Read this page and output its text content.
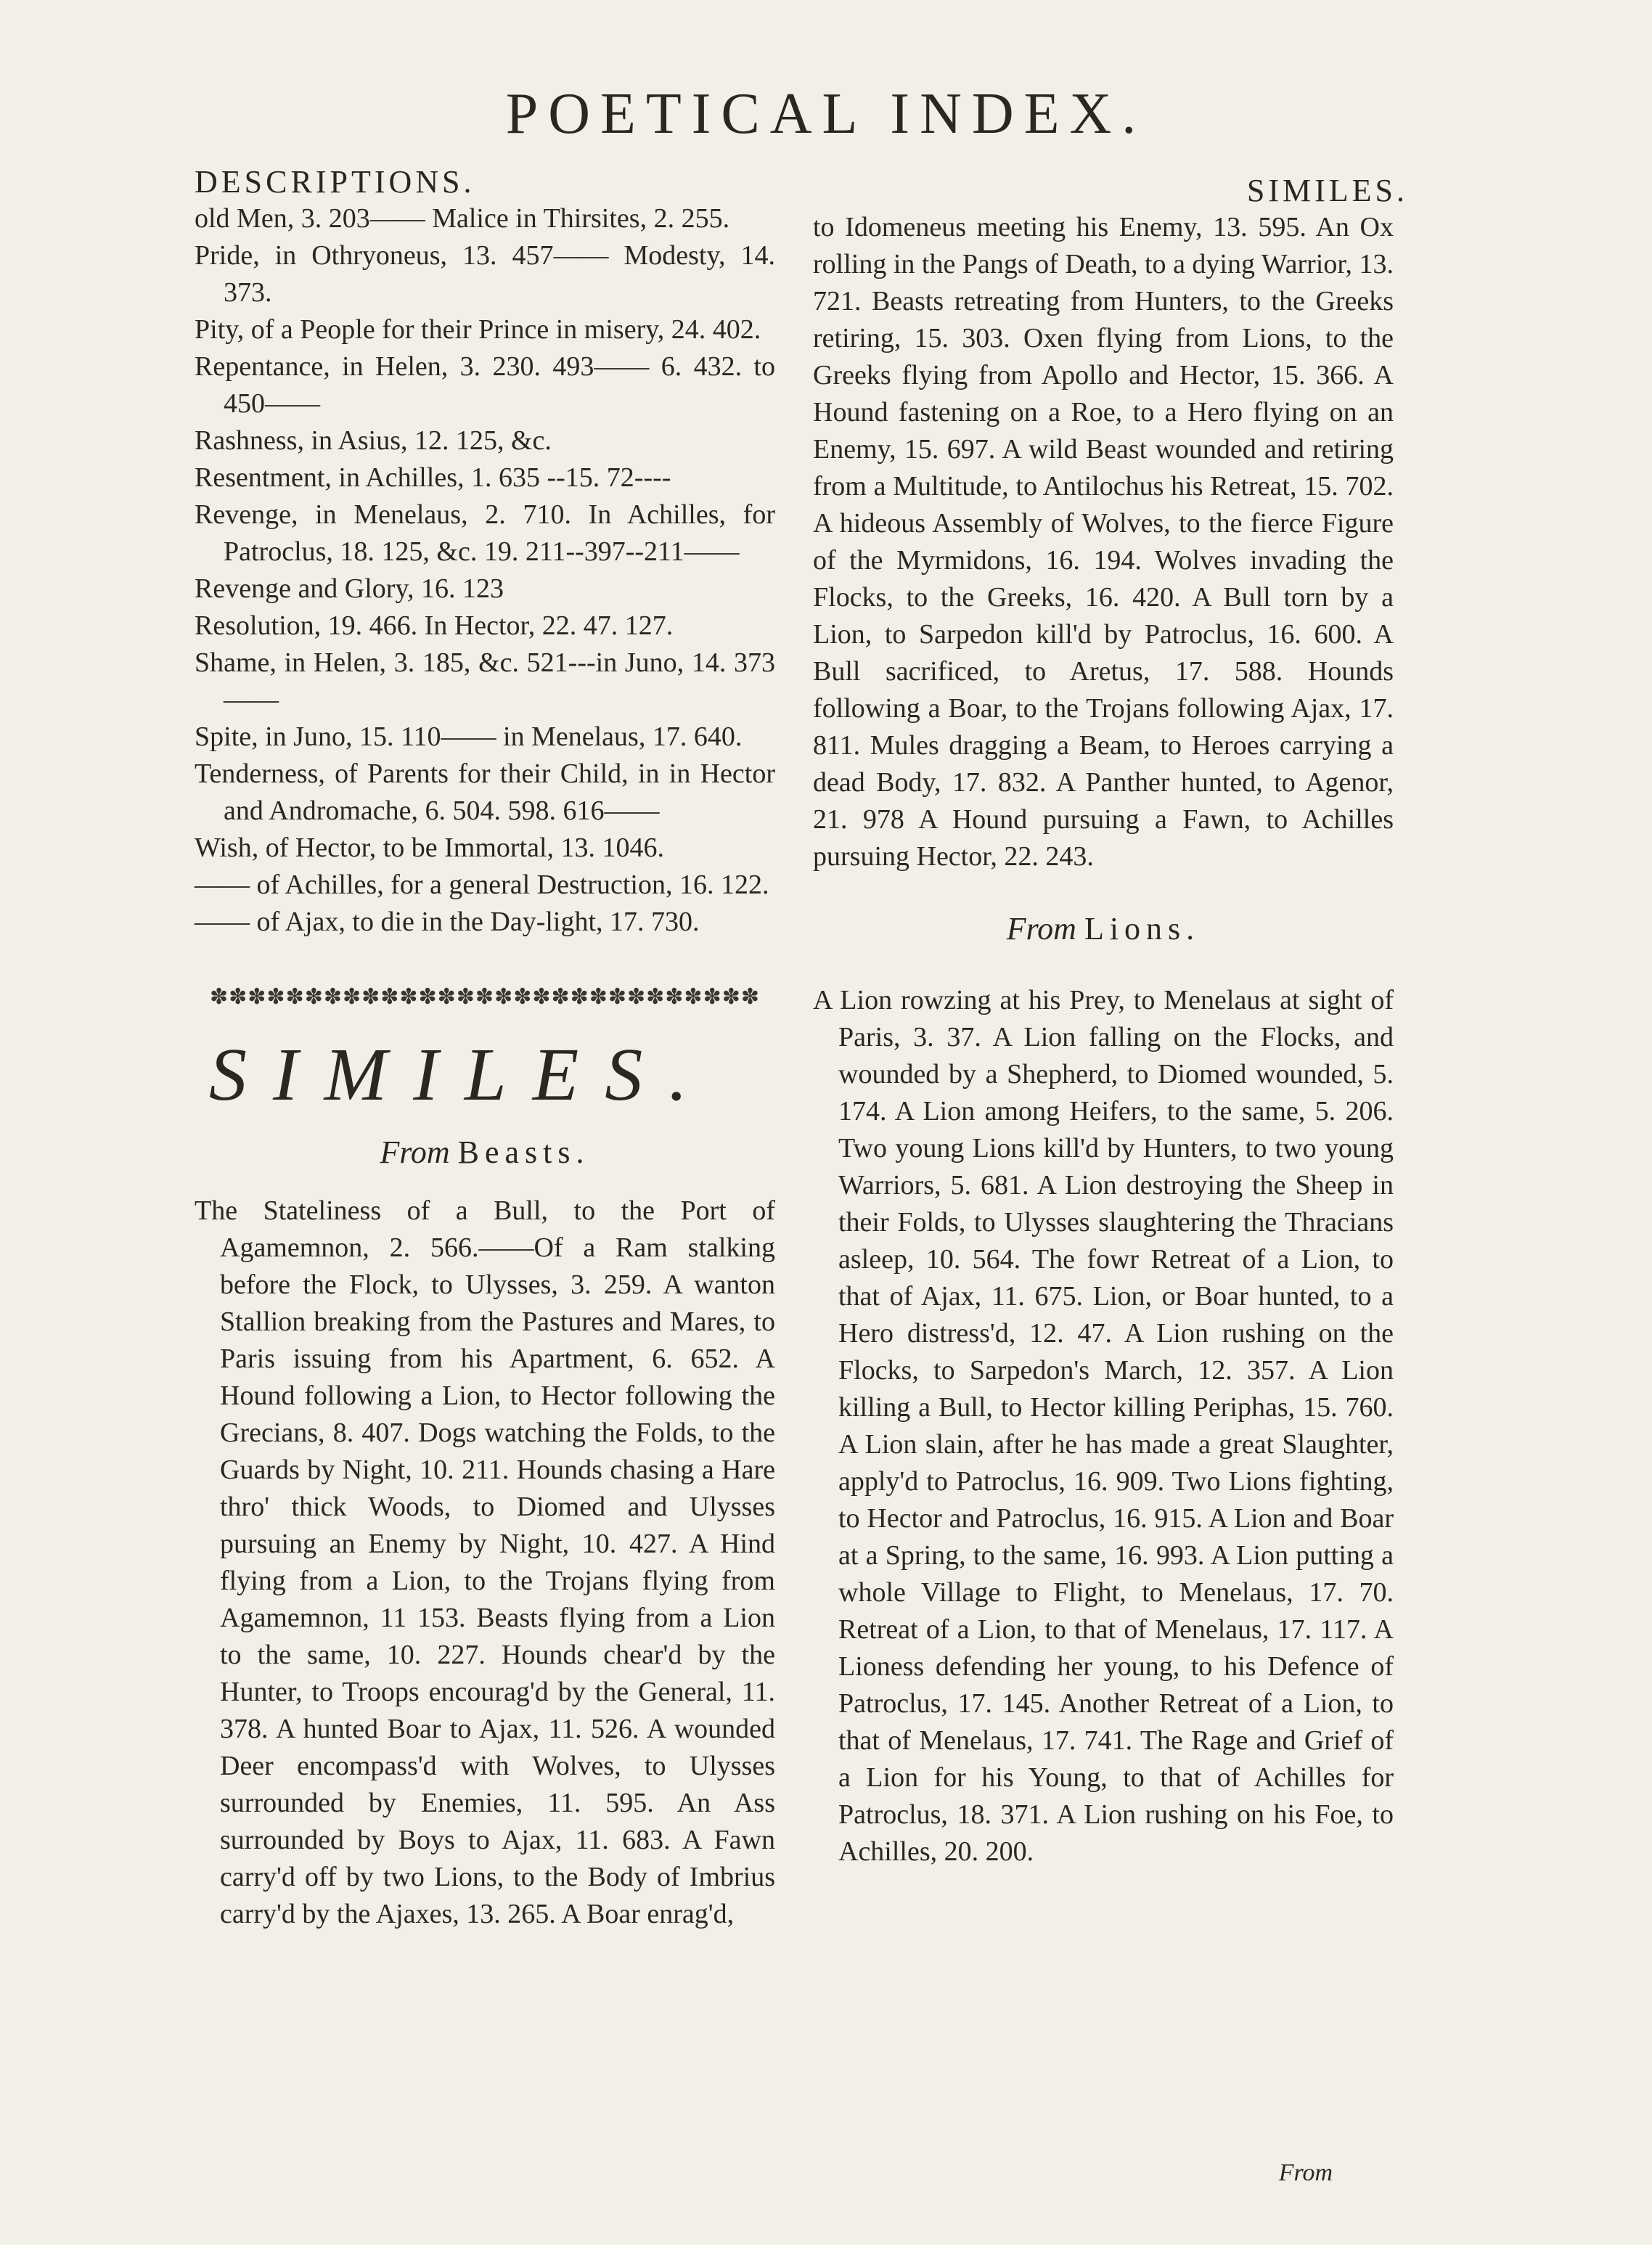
POETICAL INDEX.
DESCRIPTIONS.
old Men, 3. 203—— Malice in Thirsites, 2. 255.
Pride, in Othryoneus, 13. 457—— Modesty, 14. 373.
Pity, of a People for their Prince in misery, 24. 402.
Repentance, in Helen, 3. 230. 493—— 6. 432. to 450——
Rashness, in Asius, 12. 125, &c.
Resentment, in Achilles, 1. 635 --15. 72----
Revenge, in Menelaus, 2. 710. In Achilles, for Patroclus, 18. 125, &c. 19. 211--397--211——
Revenge and Glory, 16. 123
Resolution, 19. 466. In Hector, 22. 47. 127.
Shame, in Helen, 3. 185, &c. 521---in Juno, 14. 373——
Spite, in Juno, 15. 110—— in Menelaus, 17. 640.
Tenderness, of Parents for their Child, in in Hector and Andromache, 6. 504. 598. 616——
Wish, of Hector, to be Immortal, 13. 1046.
—— of Achilles, for a general Destruction, 16. 122.
—— of Ajax, to die in the Day-light, 17. 730.
✽✽✽✽✽✽✽✽✽✽✽✽✽✽✽✽✽✽✽✽✽✽✽✽✽✽✽✽✽
SIMILES.
From Beasts.
The Stateliness of a Bull, to the Port of Agamemnon, 2. 566.——Of a Ram stalking before the Flock, to Ulysses, 3. 259. A wanton Stallion breaking from the Pastures and Mares, to Paris issuing from his Apartment, 6. 652. A Hound following a Lion, to Hector following the Grecians, 8. 407. Dogs watching the Folds, to the Guards by Night, 10. 211. Hounds chasing a Hare thro' thick Woods, to Diomed and Ulysses pursuing an Enemy by Night, 10. 427. A Hind flying from a Lion, to the Trojans flying from Agamemnon, 11 153. Beasts flying from a Lion to the same, 10. 227. Hounds chear'd by the Hunter, to Troops encourag'd by the General, 11. 378. A hunted Boar to Ajax, 11. 526. A wounded Deer encompass'd with Wolves, to Ulysses surrounded by Enemies, 11. 595. An Ass surrounded by Boys to Ajax, 11. 683. A Fawn carry'd off by two Lions, to the Body of Imbrius carry'd by the Ajaxes, 13. 265. A Boar enrag'd,
SIMILES.
to Idomeneus meeting his Enemy, 13. 595. An Ox rolling in the Pangs of Death, to a dying Warrior, 13. 721. Beasts retreating from Hunters, to the Greeks retiring, 15. 303. Oxen flying from Lions, to the Greeks flying from Apollo and Hector, 15. 366. A Hound fastening on a Roe, to a Hero flying on an Enemy, 15. 697. A wild Beast wounded and retiring from a Multitude, to Antilochus his Retreat, 15. 702. A hideous Assembly of Wolves, to the fierce Figure of the Myrmidons, 16. 194. Wolves invading the Flocks, to the Greeks, 16. 420. A Bull torn by a Lion, to Sarpedon kill'd by Patroclus, 16. 600. A Bull sacrificed, to Aretus, 17. 588. Hounds following a Boar, to the Trojans following Ajax, 17. 811. Mules dragging a Beam, to Heroes carrying a dead Body, 17. 832. A Panther hunted, to Agenor, 21. 978 A Hound pursuing a Fawn, to Achilles pursuing Hector, 22. 243.
From Lions.
A Lion rowzing at his Prey, to Menelaus at sight of Paris, 3. 37. A Lion falling on the Flocks, and wounded by a Shepherd, to Diomed wounded, 5. 174. A Lion among Heifers, to the same, 5. 206. Two young Lions kill'd by Hunters, to two young Warriors, 5. 681. A Lion destroying the Sheep in their Folds, to Ulysses slaughtering the Thracians asleep, 10. 564. The fowr Retreat of a Lion, to that of Ajax, 11. 675. Lion, or Boar hunted, to a Hero distress'd, 12. 47. A Lion rushing on the Flocks, to Sarpedon's March, 12. 357. A Lion killing a Bull, to Hector killing Periphas, 15. 760. A Lion slain, after he has made a great Slaughter, apply'd to Patroclus, 16. 909. Two Lions fighting, to Hector and Patroclus, 16. 915. A Lion and Boar at a Spring, to the same, 16. 993. A Lion putting a whole Village to Flight, to Menelaus, 17. 70. Retreat of a Lion, to that of Menelaus, 17. 117. A Lioness defending her young, to his Defence of Patroclus, 17. 145. Another Retreat of a Lion, to that of Menelaus, 17. 741. The Rage and Grief of a Lion for his Young, to that of Achilles for Patroclus, 18. 371. A Lion rushing on his Foe, to Achilles, 20. 200.
From
